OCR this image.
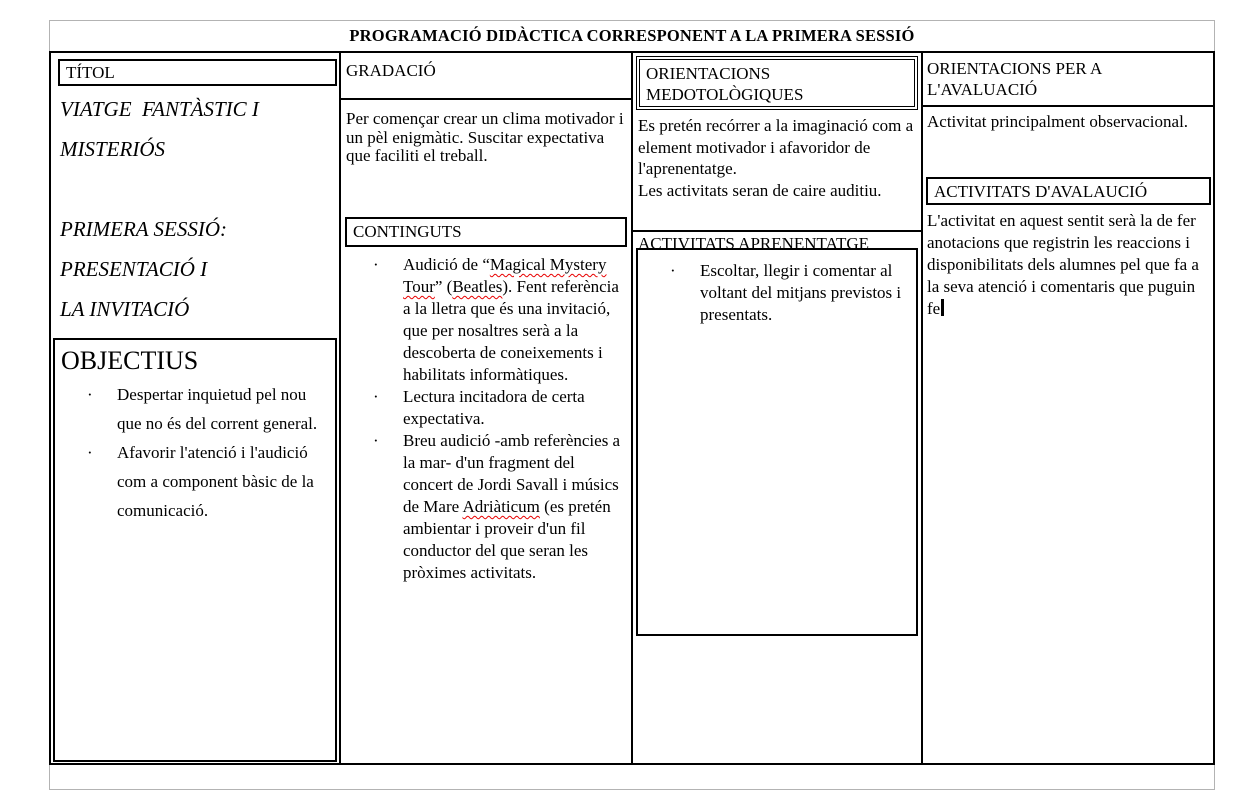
PROGRAMACIÓ DIDÀCTICA CORRESPONENT A LA PRIMERA SESSIÓ
TÍTOL
VIATGE  FANTÀSTIC I
MISTERIÓS
PRIMERA SESSIÓ:
PRESENTACIÓ I
LA INVITACIÓ
OBJECTIUS
·	Despertar inquietud pel nou que no és del corrent general.
·	Afavorir l'atenció i l'audició com a component bàsic de la comunicació.
GRADACIÓ
Per començar crear un clima motivador i un pèl enigmàtic. Suscitar expectativa que faciliti el treball.
CONTINGUTS
·	Audició de “Magical Mystery Tour” (Beatles). Fent referència a la lletra que és una invitació, que per nosaltres serà a la descoberta de coneixements i habilitats informàtiques.
·	Lectura incitadora de certa expectativa.
·	Breu audició -amb referències a la mar- d'un fragment del concert de Jordi Savall i músics de Mare Adriàticum (es pretén ambientar i proveir d'un fil conductor del que seran les pròximes activitats.
ORIENTACIONS MEDOTOLÒGIQUES
Es pretén recórrer a la imaginació com a element motivador i afavoridor de l'aprenentatge.
Les activitats seran de caire auditiu.
ACTIVITATS APRENENTATGE
·	Escoltar, llegir i comentar al voltant del mitjans previstos i presentats.
ORIENTACIONS PER A L'AVALUACIÓ
Activitat principalment observacional.
ACTIVITATS D'AVALAUCIÓ
L'activitat en aquest sentit serà la de fer anotacions que registrin les reaccions i disponibilitats dels alumnes pel que fa a la seva atenció i comentaris que puguin fe
